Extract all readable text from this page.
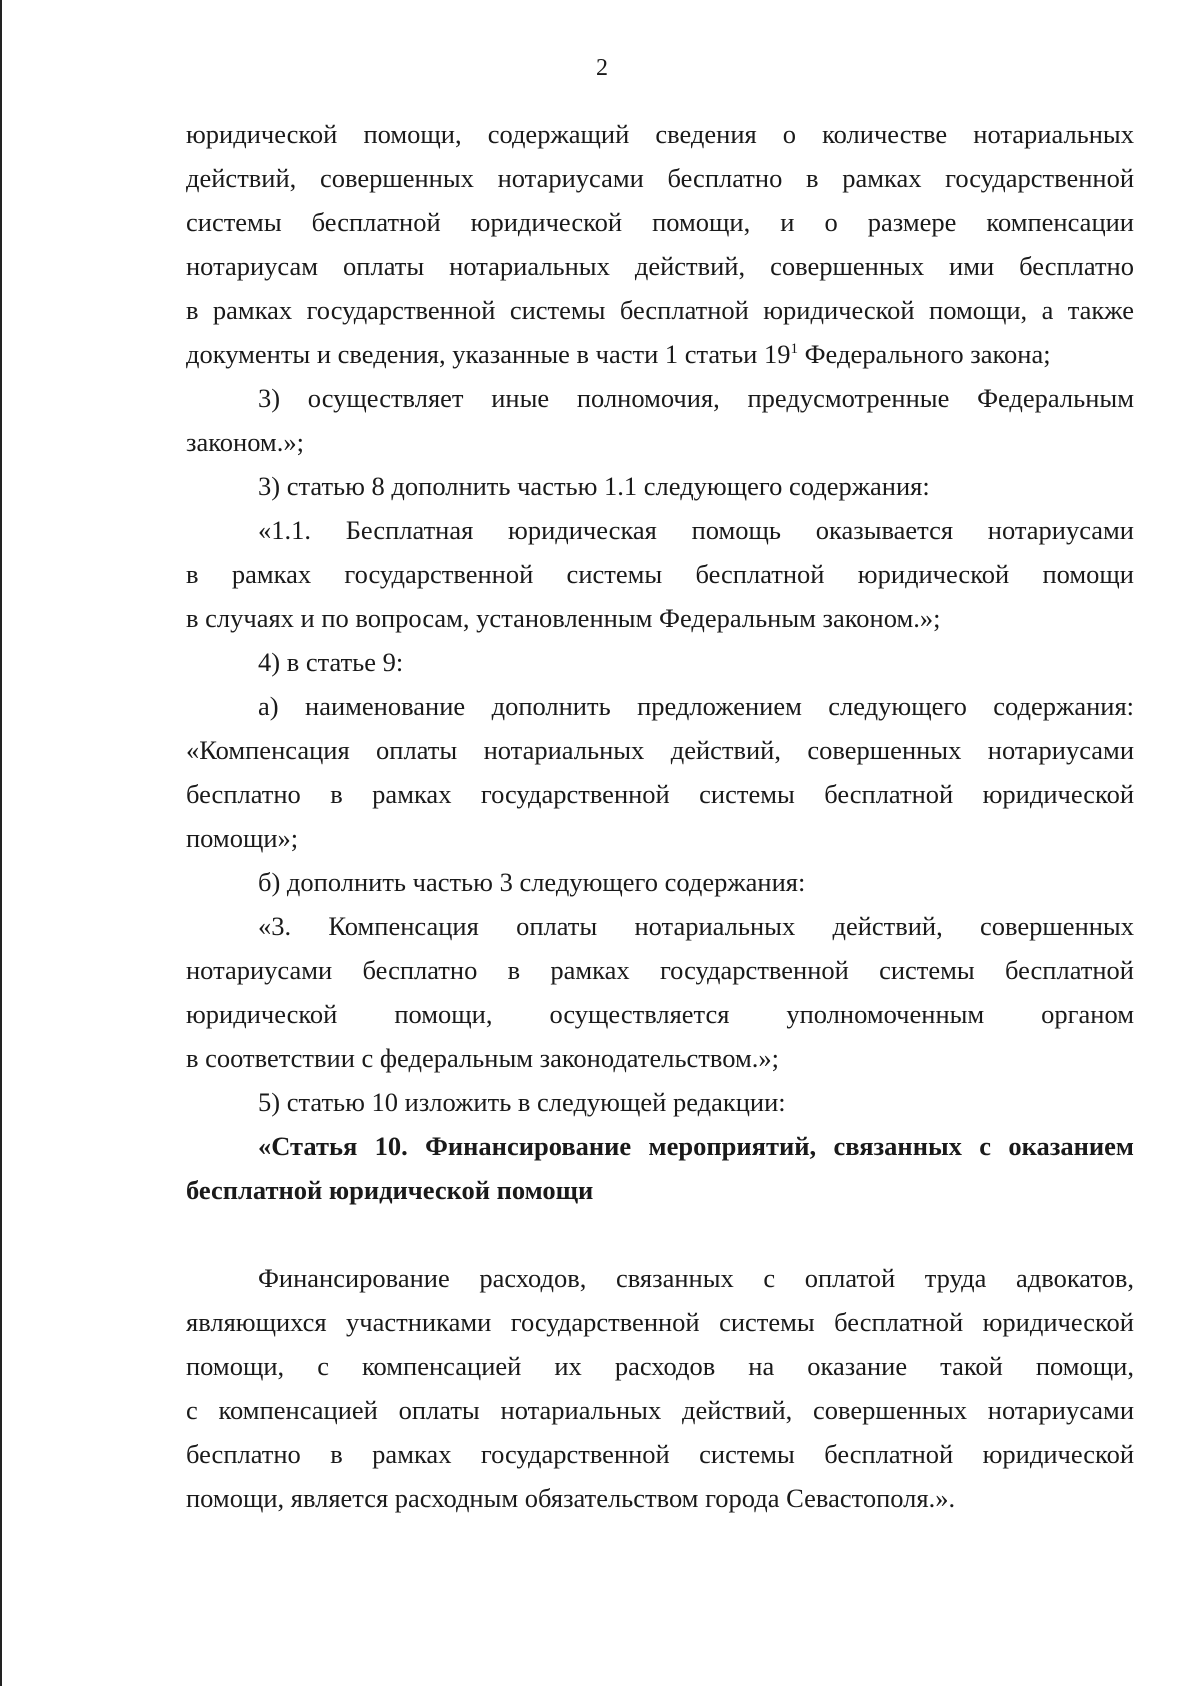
2
юридической помощи, содержащий сведения о количестве нотариальных
действий, совершенных нотариусами бесплатно в рамках государственной
системы бесплатной юридической помощи, и о размере компенсации
нотариусам оплаты нотариальных действий, совершенных ими бесплатно
в рамках государственной системы бесплатной юридической помощи, а также
документы и сведения, указанные в части 1 статьи $19^1$ Федерального закона;
3) осуществляет иные полномочия, предусмотренные Федеральным
законом.»;
3) статью 8 дополнить частью 1.1 следующего содержания:
«1.1. Бесплатная юридическая помощь оказывается нотариусами
в рамках государственной системы бесплатной юридической помощи
в случаях и по вопросам, установленным Федеральным законом.»;
4) в статье 9:
а) наименование дополнить предложением следующего содержания:
«Компенсация оплаты нотариальных действий, совершенных нотариусами
бесплатно в рамках государственной системы бесплатной юридической
помощи»;
б) дополнить частью 3 следующего содержания:
«3. Компенсация оплаты нотариальных действий, совершенных
нотариусами бесплатно в рамках государственной системы бесплатной
юридической помощи, осуществляется уполномоченным органом
в соответствии с федеральным законодательством.»;
5) статью 10 изложить в следующей редакции:
«Статья 10. Финансирование мероприятий, связанных с оказанием
бесплатной юридической помощи
Финансирование расходов, связанных с оплатой труда адвокатов,
являющихся участниками государственной системы бесплатной юридической
помощи, с компенсацией их расходов на оказание такой помощи,
с компенсацией оплаты нотариальных действий, совершенных нотариусами
бесплатно в рамках государственной системы бесплатной юридической
помощи, является расходным обязательством города Севастополя.».
